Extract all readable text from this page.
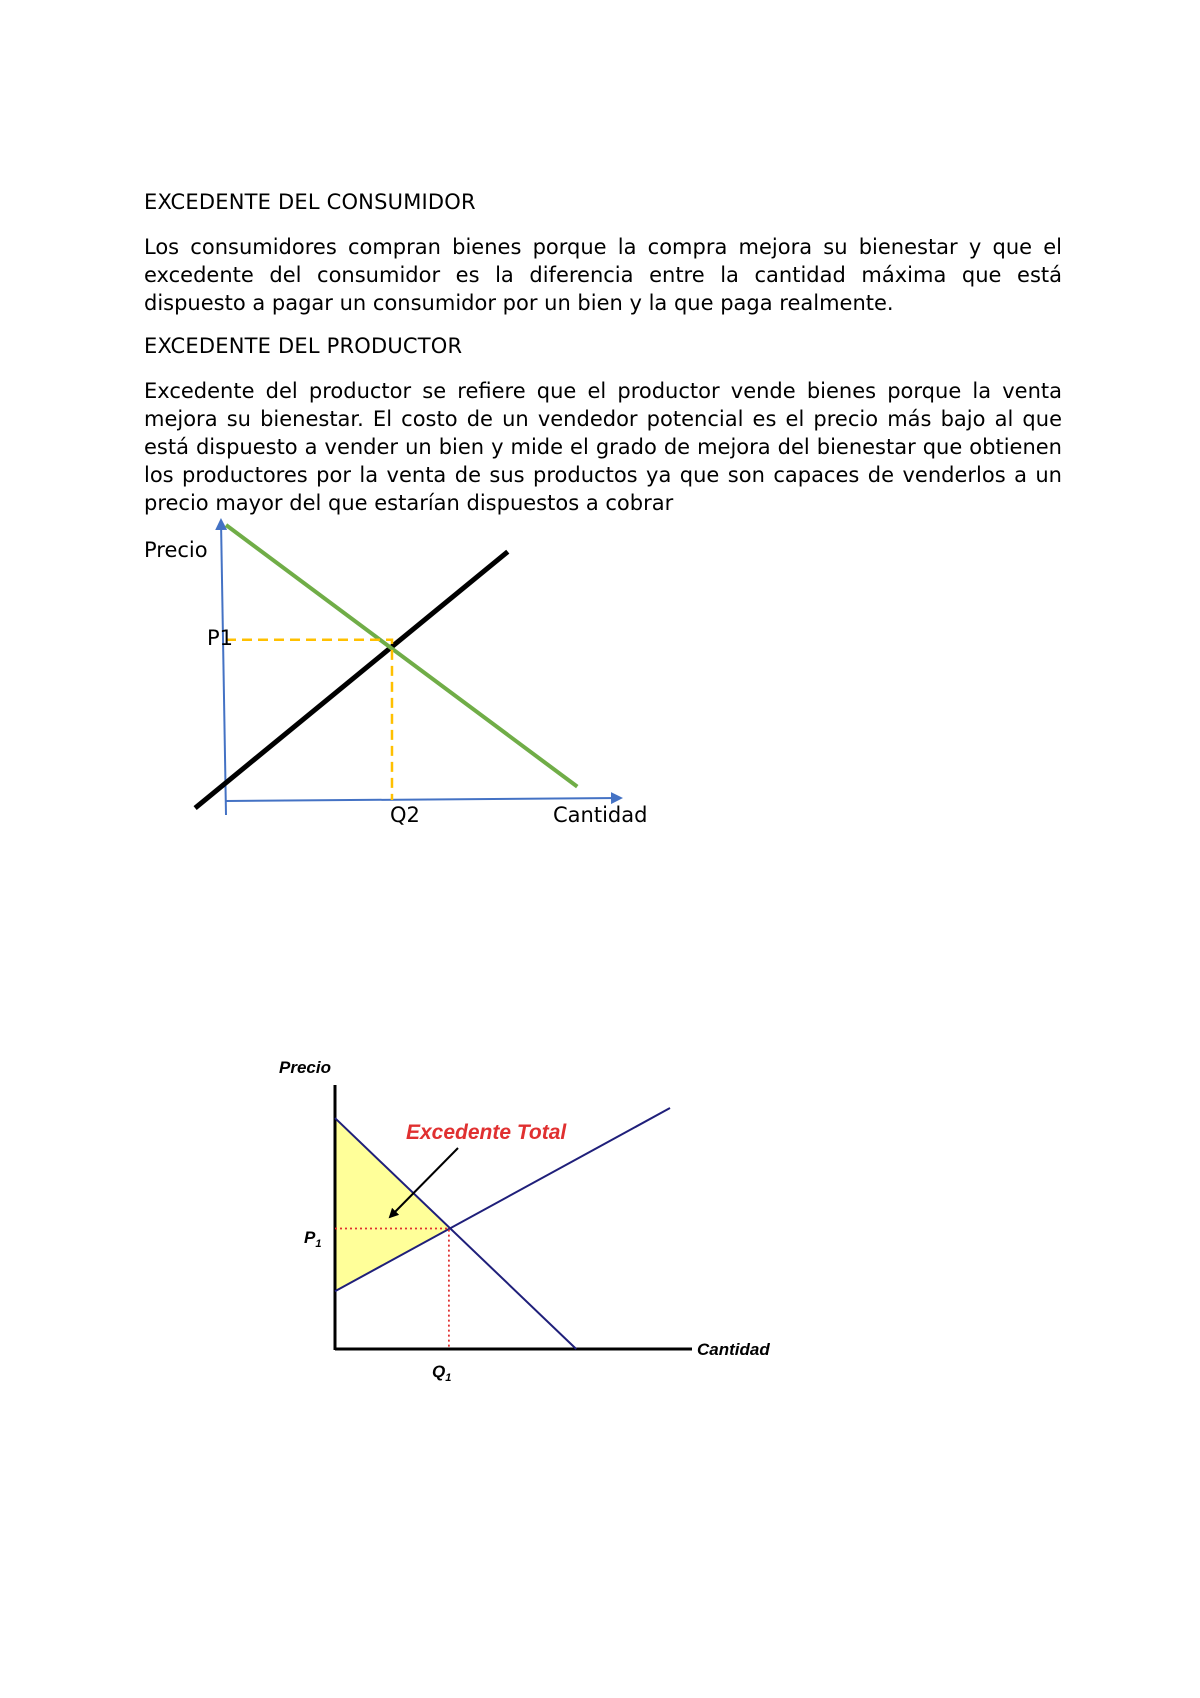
EXCEDENTE DEL CONSUMIDOR

Los consumidores compran bienes porque la compra mejora su bienestar y que el excedente del consumidor es la diferencia entre la cantidad máxima que está dispuesto a pagar un consumidor por un bien y la que paga realmente.

EXCEDENTE DEL PRODUCTOR

Excedente del productor se refiere que el productor vende bienes porque la venta mejora su bienestar. El costo de un vendedor potencial es el precio más bajo al que está dispuesto a vender un bien y mide el grado de mejora del bienestar que obtienen los productores por la venta de sus productos ya que son capaces de venderlos a un precio mayor del que estarían dispuestos a cobrar

Precio
P1
Q2	Cantidad
Excedente Total
Precio
Cantidad
$P_1$
$Q_1$
